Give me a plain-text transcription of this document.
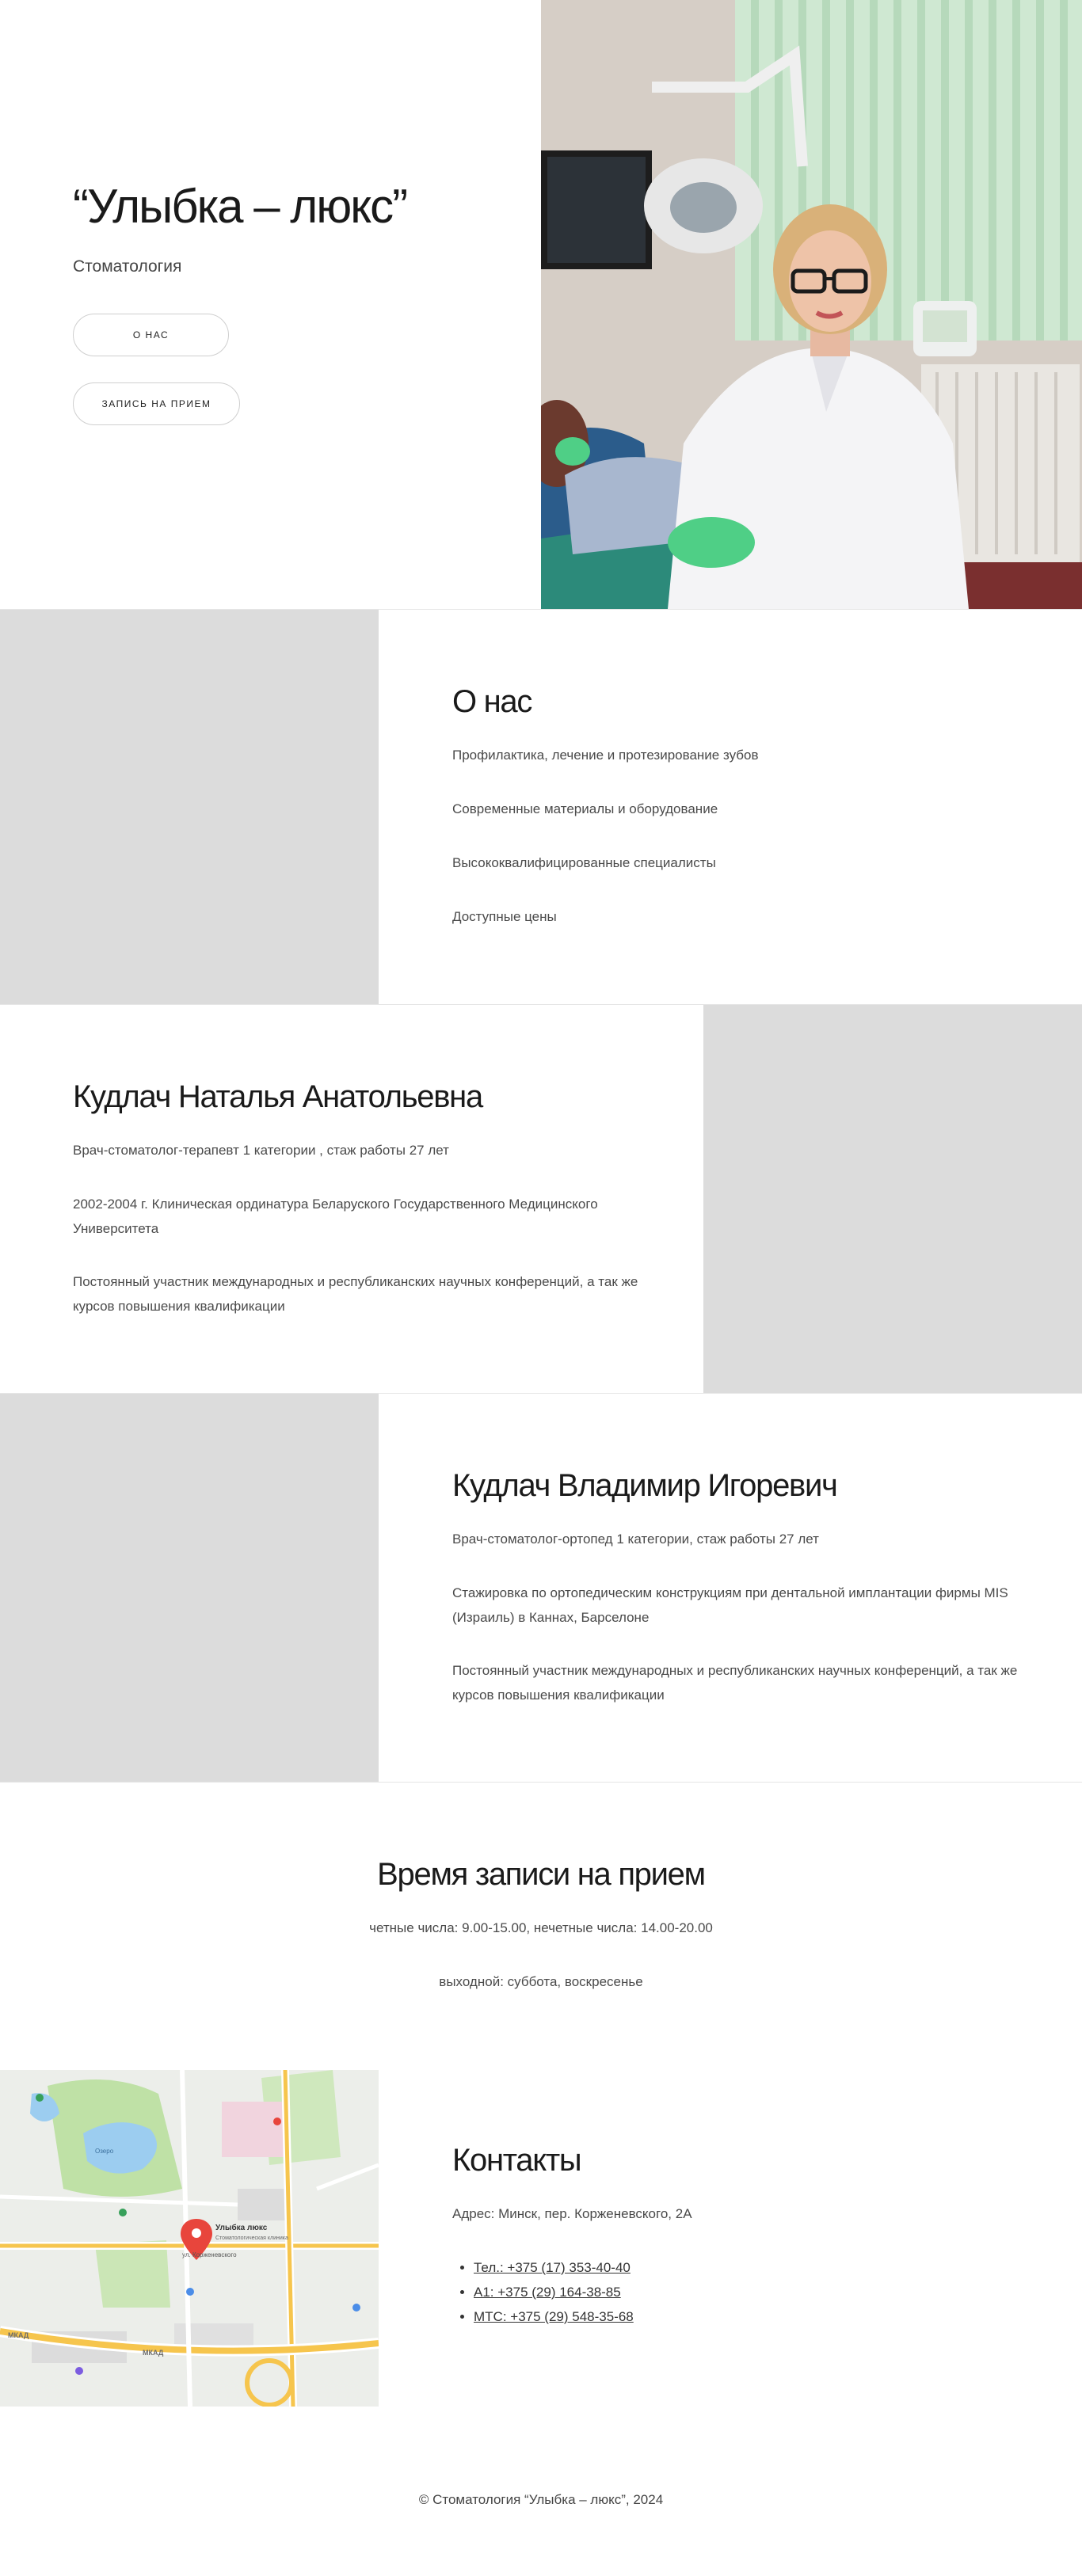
“Улыбка – люкс”
Стоматология
О НАС
ЗАПИСЬ НА ПРИЕМ
О нас

Профилактика, лечение и протезирование зубов

Современные материалы и оборудование

Высококвалифицированные специалисты

Доступные цены

Кудлач Наталья Анатольевна

Врач-стоматолог-терапевт 1 категории , стаж работы 27 лет

2002-2004 г. Клиническая ординатура Беларуского Государственного Медицинского Университета

Постоянный участник международных и республиканских научных конференций, а так же курсов повышения квалификации

Кудлач Владимир Игоревич

Врач-стоматолог-ортопед 1 категории, стаж работы 27 лет

Стажировка по ортопедическим конструкциям при дентальной имплантации фирмы MIS (Израиль) в Каннах, Барселоне

Постоянный участник международных и республиканских научных конференций, а так же курсов повышения квалификации

Время записи на прием

четные числа: 9.00-15.00, нечетные числа: 14.00-20.00

выходной: суббота, воскресенье

Улыбка люкс
Стоматологическая клиника
ул. Корженевского
Озеро
МКАД
МКАД
Контакты

Адрес: Минск, пер. Корженевского, 2А

• Тел.: +375 (17) 353-40-40
• A1: +375 (29) 164-38-85
• МТС: +375 (29) 548-35-68

© Стоматология “Улыбка – люкс”, 2024
